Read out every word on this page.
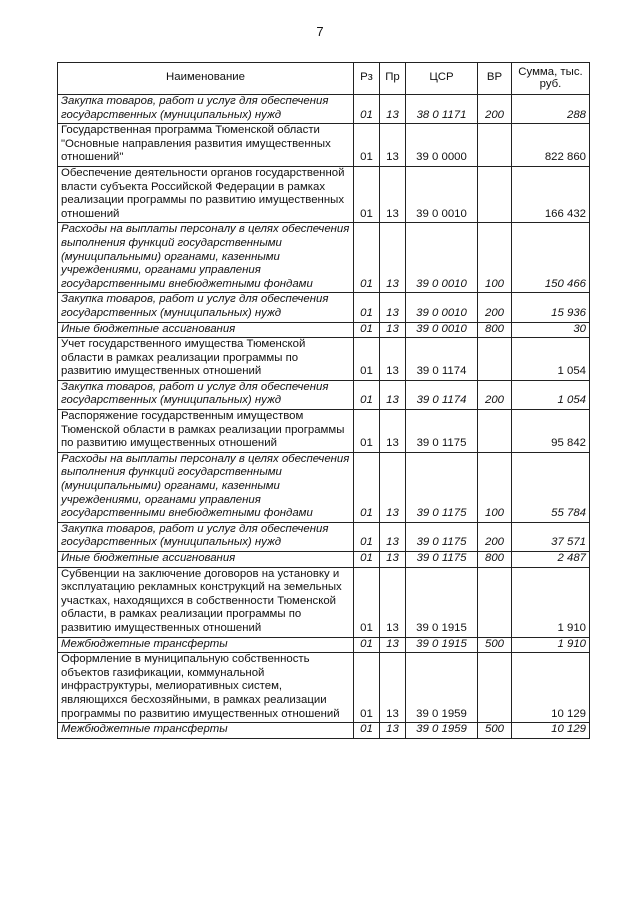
7
Наименование	Рз	Пр	ЦСР	ВР	Сумма, тыс. руб.
Закупка товаров, работ и услуг для обеспечения государственных (муниципальных) нужд	01	13	38 0 1171	200	288
Государственная программа Тюменской области "Основные направления развития имущественных отношений"	01	13	39 0 0000		822 860
Обеспечение деятельности органов государственной власти субъекта Российской Федерации в рамках реализации программы по развитию имущественных отношений	01	13	39 0 0010		166 432
Расходы на выплаты персоналу в целях обеспечения выполнения функций государственными (муниципальными) органами, казенными учреждениями, органами управления государственными внебюджетными фондами	01	13	39 0 0010	100	150 466
Закупка товаров, работ и услуг для обеспечения государственных (муниципальных) нужд	01	13	39 0 0010	200	15 936
Иные бюджетные ассигнования	01	13	39 0 0010	800	30
Учет государственного имущества Тюменской области в рамках реализации программы по развитию имущественных отношений	01	13	39 0 1174		1 054
Закупка товаров, работ и услуг для обеспечения государственных (муниципальных) нужд	01	13	39 0 1174	200	1 054
Распоряжение государственным имуществом Тюменской области в рамках реализации программы по развитию имущественных отношений	01	13	39 0 1175		95 842
Расходы на выплаты персоналу в целях обеспечения выполнения функций государственными (муниципальными) органами, казенными учреждениями, органами управления государственными внебюджетными фондами	01	13	39 0 1175	100	55 784
Закупка товаров, работ и услуг для обеспечения государственных (муниципальных) нужд	01	13	39 0 1175	200	37 571
Иные бюджетные ассигнования	01	13	39 0 1175	800	2 487
Субвенции на заключение договоров на установку и эксплуатацию рекламных конструкций на земельных участках, находящихся в собственности Тюменской области, в рамках реализации программы по развитию имущественных отношений	01	13	39 0 1915		1 910
Межбюджетные трансферты	01	13	39 0 1915	500	1 910
Оформление в муниципальную собственность объектов газификации, коммунальной инфраструктуры, мелиоративных систем, являющихся бесхозяйными, в рамках реализации программы по развитию имущественных отношений	01	13	39 0 1959		10 129
Межбюджетные трансферты	01	13	39 0 1959	500	10 129
